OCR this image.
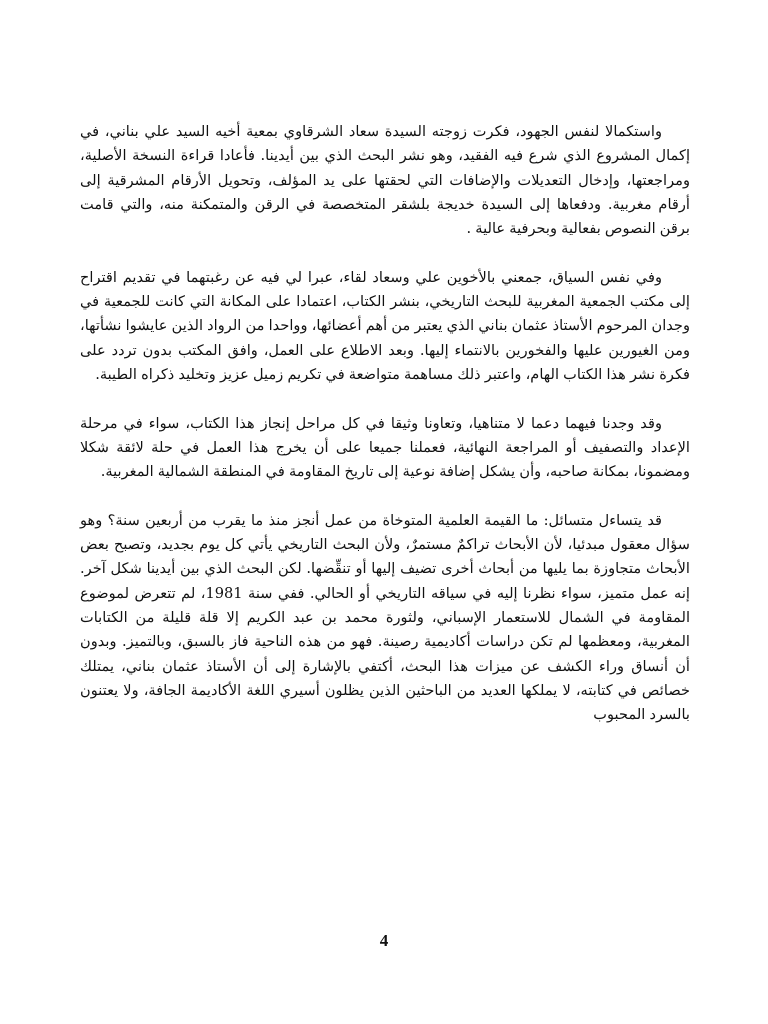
واستكمالا لنفس الجهود، فكرت زوجته السيدة سعاد الشرقاوي بمعية أخيه السيد علي بناني، في إكمال المشروع الذي شرع فيه الفقيد، وهو نشر البحث الذي بين أيدينا. فأعادا قراءة النسخة الأصلية، ومراجعتها، وإدخال التعديلات والإضافات التي لحقتها على يد المؤلف، وتحويل الأرقام المشرقية إلى أرقام مغربية. ودفعاها إلى السيدة خديجة بلشقر المتخصصة في الرقن والمتمكنة منه، والتي قامت برقن النصوص بفعالية وبحرفية عالية .

وفي نفس السياق، جمعني بالأخوين علي وسعاد لقاء، عبرا لي فيه عن رغبتهما في تقديم اقتراح إلى مكتب الجمعية المغربية للبحث التاريخي، بنشر الكتاب، اعتمادا على المكانة التي كانت للجمعية في وجدان المرحوم الأستاذ عثمان بناني الذي يعتبر من أهم أعضائها، وواحدا من الرواد الذين عايشوا نشأتها، ومن الغيورين عليها والفخورين بالانتماء إليها. وبعد الاطلاع على العمل، وافق المكتب بدون تردد على فكرة نشر هذا الكتاب الهام، واعتبر ذلك مساهمة متواضعة في تكريم زميل عزيز وتخليد ذكراه الطيبة.

وقد وجدنا فيهما دعما لا متناهيا، وتعاونا وثيقا في كل مراحل إنجاز هذا الكتاب، سواء في مرحلة الإعداد والتصفيف أو المراجعة النهائية، فعملنا جميعا على أن يخرج هذا العمل في حلة لائقة شكلا ومضمونا، بمكانة صاحبه، وأن يشكل إضافة نوعية إلى تاريخ المقاومة في المنطقة الشمالية المغربية.

قد يتساءل متسائل: ما القيمة العلمية المتوخاة من عمل أنجز منذ ما يقرب من أربعين سنة؟ وهو سؤال معقول مبدئيا، لأن الأبحاث تراكمٌ مستمرٌ، ولأن البحث التاريخي يأتي كل يوم بجديد، وتصبح بعض الأبحاث متجاوزة بما يليها من أبحاث أخرى تضيف إليها أو تنقِّضها. لكن البحث الذي بين أيدينا شكل آخر. إنه عمل متميز، سواء نظرنا إليه في سياقه التاريخي أو الحالي. ففي سنة 1981، لم تتعرض لموضوع المقاومة في الشمال للاستعمار الإسباني، ولثورة محمد بن عبد الكريم إلا قلة قليلة من الكتابات المغربية، ومعظمها لم تكن دراسات أكاديمية رصينة. فهو من هذه الناحية فاز بالسبق، وبالتميز. وبدون أن أنساق وراء الكشف عن ميزات هذا البحث، أكتفي بالإشارة إلى أن الأستاذ عثمان بناني، يمتلك خصائص في كتابته، لا يملكها العديد من الباحثين الذين يظلون أسيري اللغة الأكاديمة الجافة، ولا يعتنون بالسرد المحبوب

4
